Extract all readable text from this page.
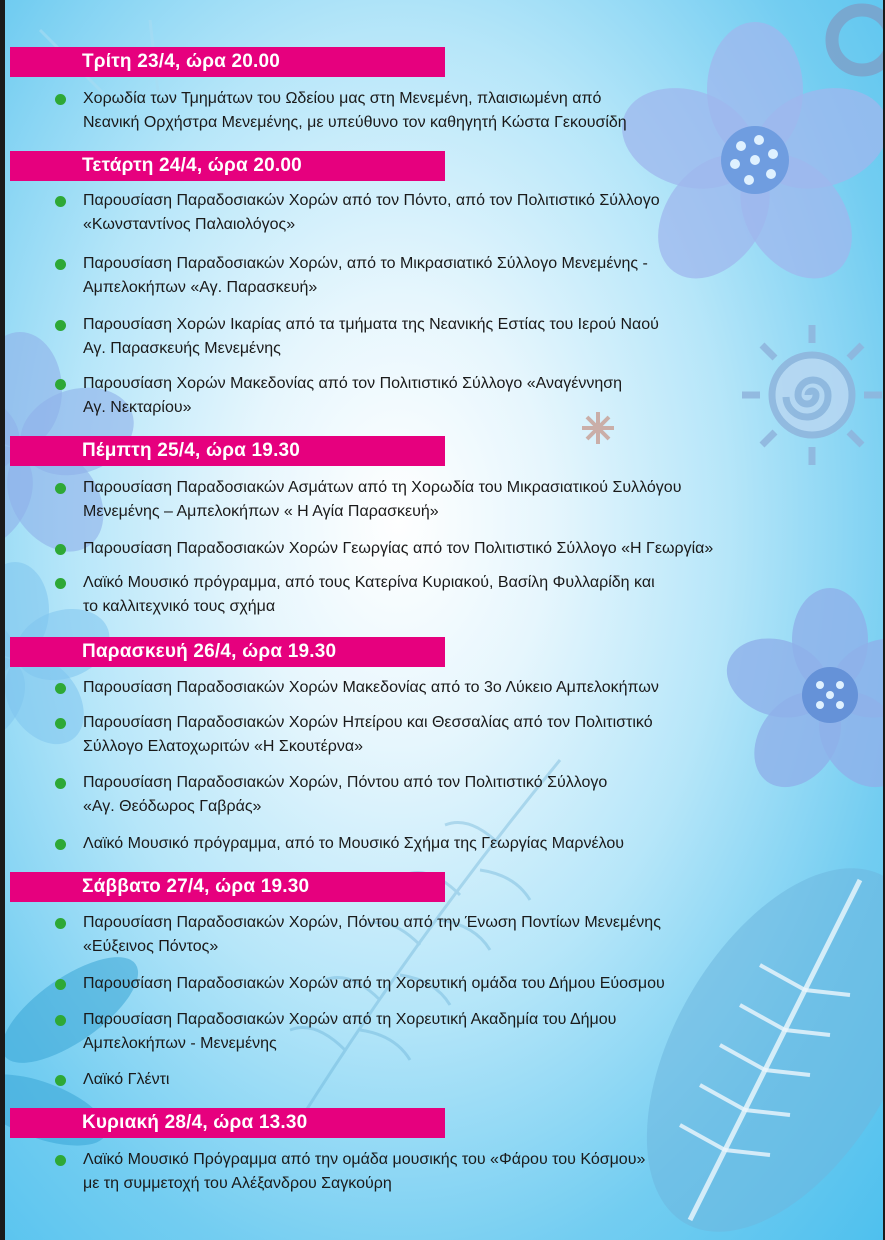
Τρίτη 23/4, ώρα 20.00
Χορωδία των Τμημάτων του Ωδείου μας στη Μενεμένη, πλαισιωμένη από
Νεανική Ορχήστρα Μενεμένης, με υπεύθυνο τον καθηγητή Κώστα Γεκουσίδη
Τετάρτη 24/4, ώρα 20.00
Παρουσίαση Παραδοσιακών Χορών από τον Πόντο, από τον Πολιτιστικό Σύλλογο
«Κωνσταντίνος Παλαιολόγος»
Παρουσίαση Παραδοσιακών Χορών, από το Μικρασιατικό Σύλλογο Μενεμένης -
Αμπελοκήπων «Αγ. Παρασκευή»
Παρουσίαση Χορών Ικαρίας από τα τμήματα της Νεανικής Εστίας του Ιερού Ναού
Αγ. Παρασκευής Μενεμένης
Παρουσίαση Χορών Μακεδονίας από τον Πολιτιστικό Σύλλογο «Αναγέννηση
Αγ. Νεκταρίου»
Πέμπτη 25/4, ώρα 19.30
Παρουσίαση Παραδοσιακών Ασμάτων από τη Χορωδία του Μικρασιατικού Συλλόγου
Μενεμένης – Αμπελοκήπων « Η Αγία Παρασκευή»
Παρουσίαση Παραδοσιακών Χορών Γεωργίας από τον Πολιτιστικό Σύλλογο «Η Γεωργία»
Λαϊκό Μουσικό πρόγραμμα, από τους Κατερίνα Κυριακού, Βασίλη Φυλλαρίδη και
το καλλιτεχνικό τους σχήμα
Παρασκευή 26/4, ώρα 19.30
Παρουσίαση Παραδοσιακών Χορών Μακεδονίας από το 3ο Λύκειο Αμπελοκήπων
Παρουσίαση Παραδοσιακών Χορών Ηπείρου και Θεσσαλίας από τον Πολιτιστικό
Σύλλογο Ελατοχωριτών «Η Σκουτέρνα»
Παρουσίαση Παραδοσιακών Χορών, Πόντου από τον Πολιτιστικό Σύλλογο
«Αγ. Θεόδωρος Γαβράς»
Λαϊκό Μουσικό πρόγραμμα, από το Μουσικό Σχήμα της Γεωργίας Μαρνέλου
Σάββατο 27/4, ώρα 19.30
Παρουσίαση Παραδοσιακών Χορών, Πόντου από την Ένωση Ποντίων Μενεμένης
«Εύξεινος Πόντος»
Παρουσίαση Παραδοσιακών Χορών από τη Χορευτική ομάδα του Δήμου Εύοσμου
Παρουσίαση Παραδοσιακών Χορών από τη Χορευτική Ακαδημία του Δήμου
Αμπελοκήπων - Μενεμένης
Λαϊκό Γλέντι
Κυριακή 28/4, ώρα 13.30
Λαϊκό Μουσικό Πρόγραμμα από την ομάδα μουσικής του «Φάρου του Κόσμου»
με τη συμμετοχή του Αλέξανδρου Σαγκούρη
